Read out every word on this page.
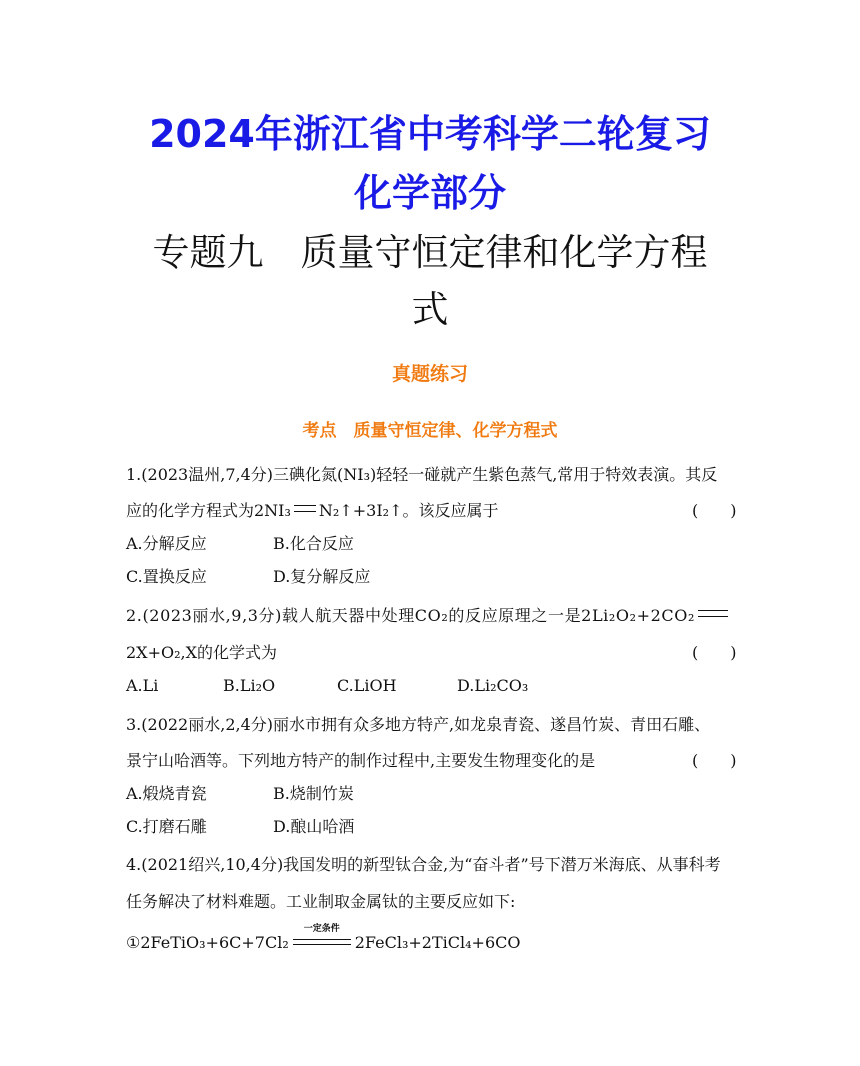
2024年浙江省中考科学二轮复习
化学部分
专题九　质量守恒定律和化学方程
式
真题练习
考点　质量守恒定律、化学方程式
1.(2023温州,7,4分)三碘化氮(NI₃)轻轻一碰就产生紫色蒸气,常用于特效表演。其反
应的化学方程式为2NI₃ N₂↑+3I₂↑。该反应属于	(　　)
A.分解反应	B.化合反应
C.置换反应	D.复分解反应
2.(2023丽水,9,3分)载人航天器中处理CO₂的反应原理之一是2Li₂O₂+2CO₂
2X+O₂,X的化学式为	(　　)
A.Li	B.Li₂O	C.LiOH	D.Li₂CO₃
3.(2022丽水,2,4分)丽水市拥有众多地方特产,如龙泉青瓷、遂昌竹炭、青田石雕、
景宁山哈酒等。下列地方特产的制作过程中,主要发生物理变化的是	(　　)
A.煅烧青瓷	B.烧制竹炭
C.打磨石雕	D.酿山哈酒
4.(2021绍兴,10,4分)我国发明的新型钛合金,为“奋斗者”号下潜万米海底、从事科考
任务解决了材料难题。工业制取金属钛的主要反应如下:
①2FeTiO₃+6C+7Cl₂
一定条件
2FeCl₃+2TiCl₄+6CO
